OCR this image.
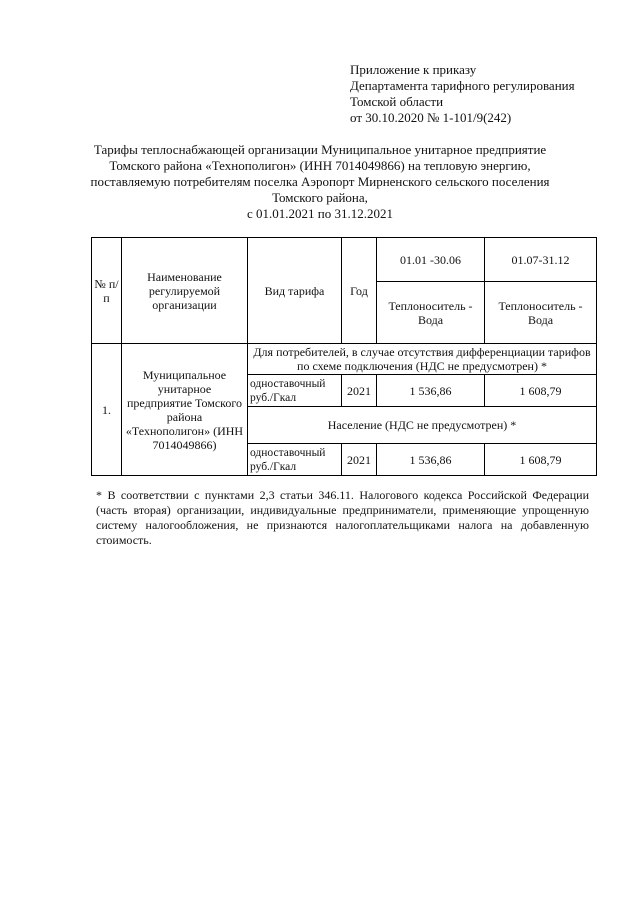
Приложение к приказу
Департамента тарифного регулирования
Томской области
от 30.10.2020 № 1-101/9(242)
Тарифы теплоснабжающей организации Муниципальное унитарное предприятие
Томского района «Технополигон» (ИНН 7014049866) на тепловую энергию,
поставляемую потребителям поселка Аэропорт Мирненского сельского поселения
Томского района,
с 01.01.2021 по 31.12.2021
№ п/п	Наименование регулируемой организации	Вид тарифа	Год	01.01 -30.06	01.07-31.12
				Теплоноситель - Вода	Теплоноситель - Вода
1.	Муниципальное унитарное предприятие Томского района «Технополигон» (ИНН 7014049866)	Для потребителей, в случае отсутствия дифференциации тарифов по схеме подключения (НДС не предусмотрен) *			
		одноставочный руб./Гкал	2021	1 536,86	1 608,79
		Население (НДС не предусмотрен) *			
		одноставочный руб./Гкал	2021	1 536,86	1 608,79
* В соответствии с пунктами 2,3 статьи 346.11. Налогового кодекса Российской Федерации (часть вторая) организации, индивидуальные предприниматели, применяющие упрощенную систему налогообложения, не признаются налогоплательщиками налога на добавленную стоимость.
